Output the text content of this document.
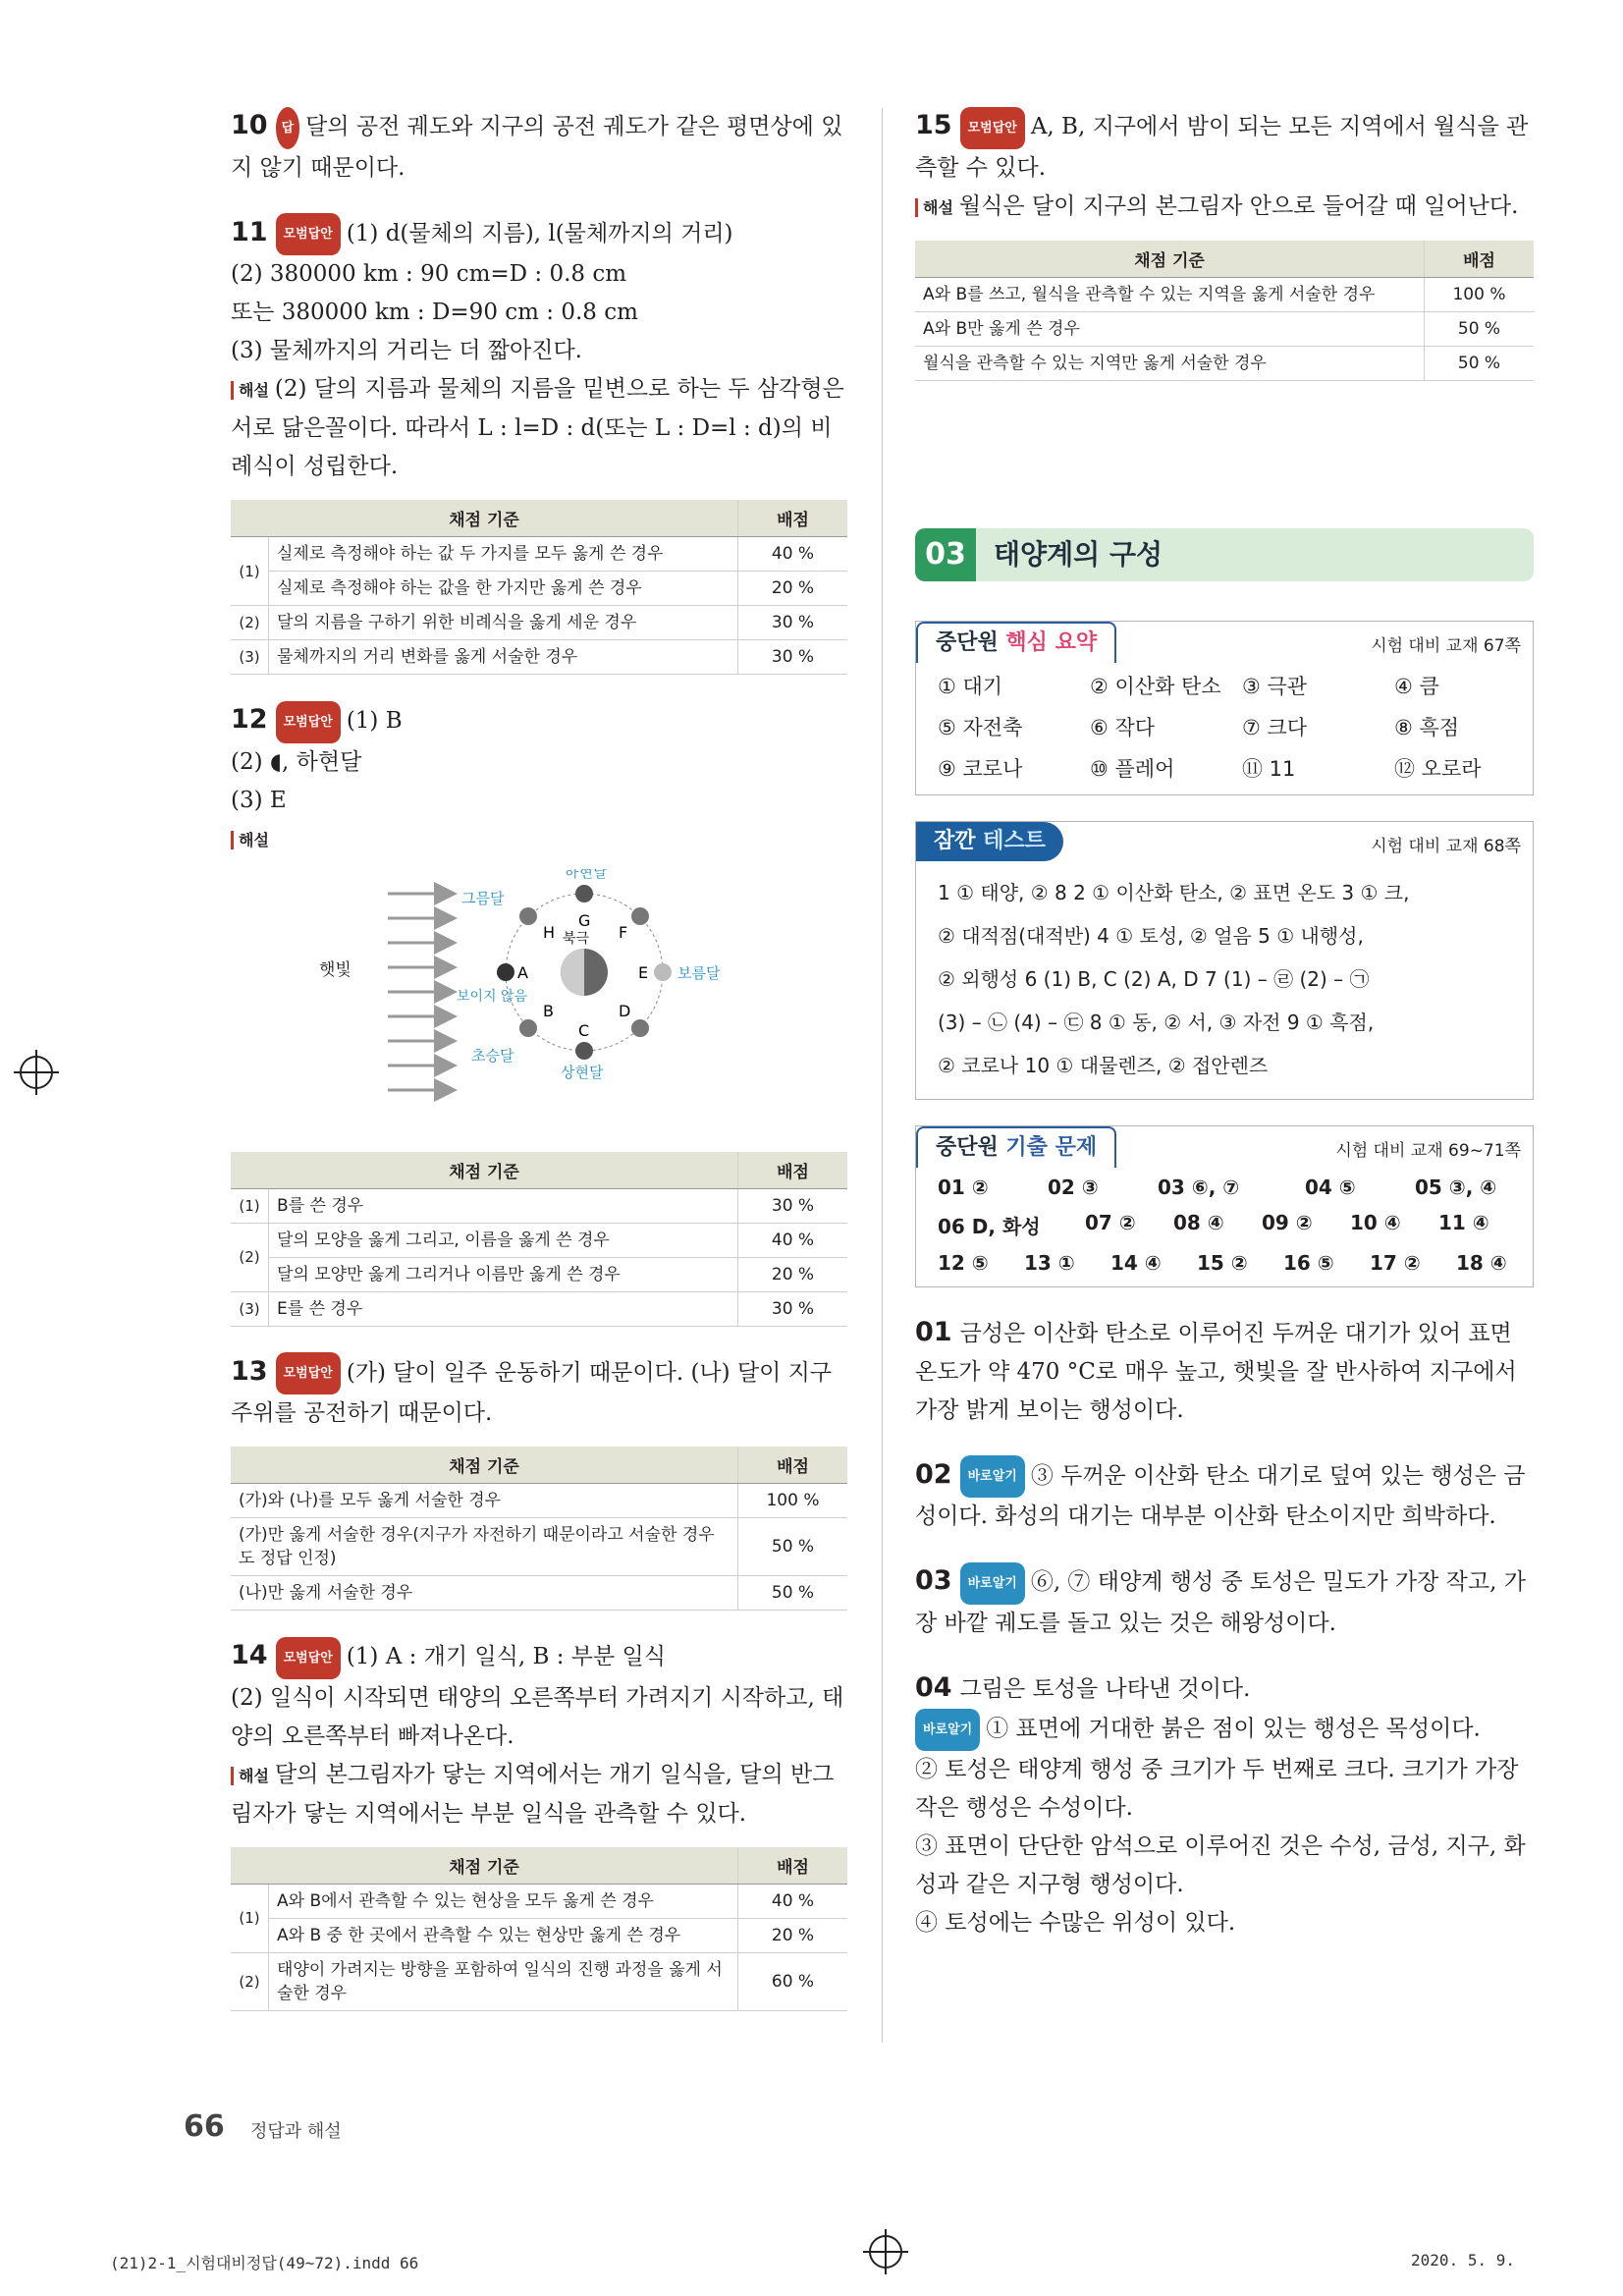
10 답 달의 공전 궤도와 지구의 공전 궤도가 같은 평면상에 있지 않기 때문이다.

11 모범답안 (1) d(물체의 지름), l(물체까지의 거리)

(2) 380000 km : 90 cm=D : 0.8 cm

또는 380000 km : D=90 cm : 0.8 cm

(3) 물체까지의 거리는 더 짧아진다.

해설 (2) 달의 지름과 물체의 지름을 밑변으로 하는 두 삼각형은 서로 닮은꼴이다. 따라서 L : l=D : d(또는 L : D=l : d)의 비례식이 성립한다.

채점 기준		배점
(1)	실제로 측정해야 하는 값 두 가지를 모두 옳게 쓴 경우	40 %
	실제로 측정해야 하는 값을 한 가지만 옳게 쓴 경우	20 %
(2)	달의 지름을 구하기 위한 비례식을 옳게 세운 경우	30 %
(3)	물체까지의 거리 변화를 옳게 서술한 경우	30 %

12 모범답안 (1) B

(2) ◖, 하현달

(3) E

해설

햇빛
북극
G
F
E
D
C
B
A
H
하현달
그믐달
보름달
상현달
초승달
보이지 않음
채점 기준		배점
(1)	B를 쓴 경우	30 %
(2)	달의 모양을 옳게 그리고, 이름을 옳게 쓴 경우	40 %
	달의 모양만 옳게 그리거나 이름만 옳게 쓴 경우	20 %
(3)	E를 쓴 경우	30 %

13 모범답안 (가) 달이 일주 운동하기 때문이다. (나) 달이 지구 주위를 공전하기 때문이다.

채점 기준	배점
(가)와 (나)를 모두 옳게 서술한 경우	100 %
(가)만 옳게 서술한 경우(지구가 자전하기 때문이라고 서술한 경우도 정답 인정)	50 %
(나)만 옳게 서술한 경우	50 %

14 모범답안 (1) A : 개기 일식, B : 부분 일식

(2) 일식이 시작되면 태양의 오른쪽부터 가려지기 시작하고, 태양의 오른쪽부터 빠져나온다.

해설 달의 본그림자가 닿는 지역에서는 개기 일식을, 달의 반그림자가 닿는 지역에서는 부분 일식을 관측할 수 있다.

채점 기준		배점
(1)	A와 B에서 관측할 수 있는 현상을 모두 옳게 쓴 경우	40 %
	A와 B 중 한 곳에서 관측할 수 있는 현상만 옳게 쓴 경우	20 %
(2)	태양이 가려지는 방향을 포함하여 일식의 진행 과정을 옳게 서술한 경우	60 %

15 모범답안 A, B, 지구에서 밤이 되는 모든 지역에서 월식을 관측할 수 있다.

해설 월식은 달이 지구의 본그림자 안으로 들어갈 때 일어난다.

채점 기준	배점
A와 B를 쓰고, 월식을 관측할 수 있는 지역을 옳게 서술한 경우	100 %
A와 B만 옳게 쓴 경우	50 %
월식을 관측할 수 있는 지역만 옳게 서술한 경우	50 %
03	태양계의 구성
중단원 핵심 요약	시험 대비 교재 67쪽
① 대기	② 이산화 탄소	③ 극관	④ 큼
⑤ 자전축	⑥ 작다	⑦ 크다	⑧ 흑점
⑨ 코로나	⑩ 플레어	⑪ 11	⑫ 오로라
잠깐 테스트	시험 대비 교재 68쪽
1 ① 태양, ② 8 2 ① 이산화 탄소, ② 표면 온도 3 ① 크,
② 대적점(대적반) 4 ① 토성, ② 얼음 5 ① 내행성,
② 외행성 6 (1) B, C (2) A, D 7 (1) – ㉣ (2) – ㉠
(3) – ㉡ (4) – ㉢ 8 ① 동, ② 서, ③ 자전 9 ① 흑점,
② 코로나 10 ① 대물렌즈, ② 접안렌즈
중단원 기출 문제	시험 대비 교재 69~71쪽
01 ②	02 ③	03 ⑥, ⑦	04 ⑤	05 ③, ④
06 D, 화성	07 ②	08 ④	09 ②	10 ④	11 ④
12 ⑤	13 ①	14 ④	15 ②	16 ⑤	17 ②	18 ④

01 금성은 이산화 탄소로 이루어진 두꺼운 대기가 있어 표면 온도가 약 470 °C로 매우 높고, 햇빛을 잘 반사하여 지구에서 가장 밝게 보이는 행성이다.

02 바로알기 ③ 두꺼운 이산화 탄소 대기로 덮여 있는 행성은 금성이다. 화성의 대기는 대부분 이산화 탄소이지만 희박하다.

03 바로알기 ⑥, ⑦ 태양계 행성 중 토성은 밀도가 가장 작고, 가장 바깥 궤도를 돌고 있는 것은 해왕성이다.

04 그림은 토성을 나타낸 것이다.

바로알기 ① 표면에 거대한 붉은 점이 있는 행성은 목성이다.

② 토성은 태양계 행성 중 크기가 두 번째로 크다. 크기가 가장 작은 행성은 수성이다.

③ 표면이 단단한 암석으로 이루어진 것은 수성, 금성, 지구, 화성과 같은 지구형 행성이다.

④ 토성에는 수많은 위성이 있다.

66 정답과 해설
(21)2-1_시험대비정답(49~72).indd 66	2020. 5. 9.
